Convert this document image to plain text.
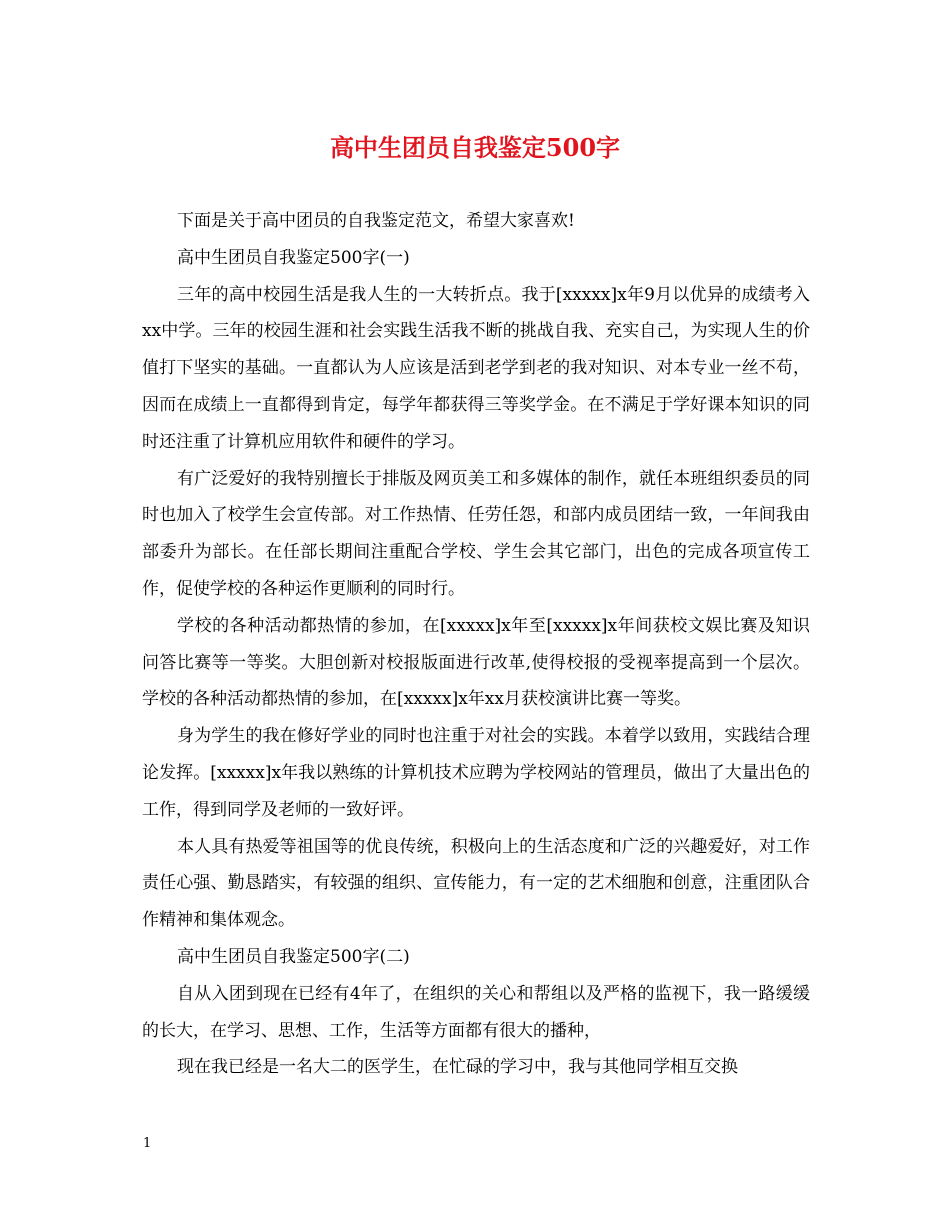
高中生团员自我鉴定500字

下面是关于高中团员的自我鉴定范文，希望大家喜欢!

高中生团员自我鉴定500字(一)

三年的高中校园生活是我人生的一大转折点。我于[xxxxx]x年9月以优异的成绩考入xx中学。三年的校园生涯和社会实践生活我不断的挑战自我、充实自己，为实现人生的价值打下坚实的基础。一直都认为人应该是活到老学到老的我对知识、对本专业一丝不苟，因而在成绩上一直都得到肯定，每学年都获得三等奖学金。在不满足于学好课本知识的同时还注重了计算机应用软件和硬件的学习。

有广泛爱好的我特别擅长于排版及网页美工和多媒体的制作，就任本班组织委员的同时也加入了校学生会宣传部。对工作热情、任劳任怨，和部内成员团结一致，一年间我由部委升为部长。在任部长期间注重配合学校、学生会其它部门，出色的完成各项宣传工作，促使学校的各种运作更顺利的同时行。

学校的各种活动都热情的参加，在[xxxxx]x年至[xxxxx]x年间获校文娱比赛及知识问答比赛等一等奖。大胆创新对校报版面进行改革,使得校报的受视率提高到一个层次。学校的各种活动都热情的参加，在[xxxxx]x年xx月获校演讲比赛一等奖。

身为学生的我在修好学业的同时也注重于对社会的实践。本着学以致用，实践结合理论发挥。[xxxxx]x年我以熟练的计算机技术应聘为学校网站的管理员，做出了大量出色的工作，得到同学及老师的一致好评。

本人具有热爱等祖国等的优良传统，积极向上的生活态度和广泛的兴趣爱好，对工作责任心强、勤恳踏实，有较强的组织、宣传能力，有一定的艺术细胞和创意，注重团队合作精神和集体观念。

高中生团员自我鉴定500字(二)

自从入团到现在已经有4年了，在组织的关心和帮组以及严格的监视下，我一路缓缓的长大，在学习、思想、工作，生活等方面都有很大的播种，

现在我已经是一名大二的医学生，在忙碌的学习中，我与其他同学相互交换

1
